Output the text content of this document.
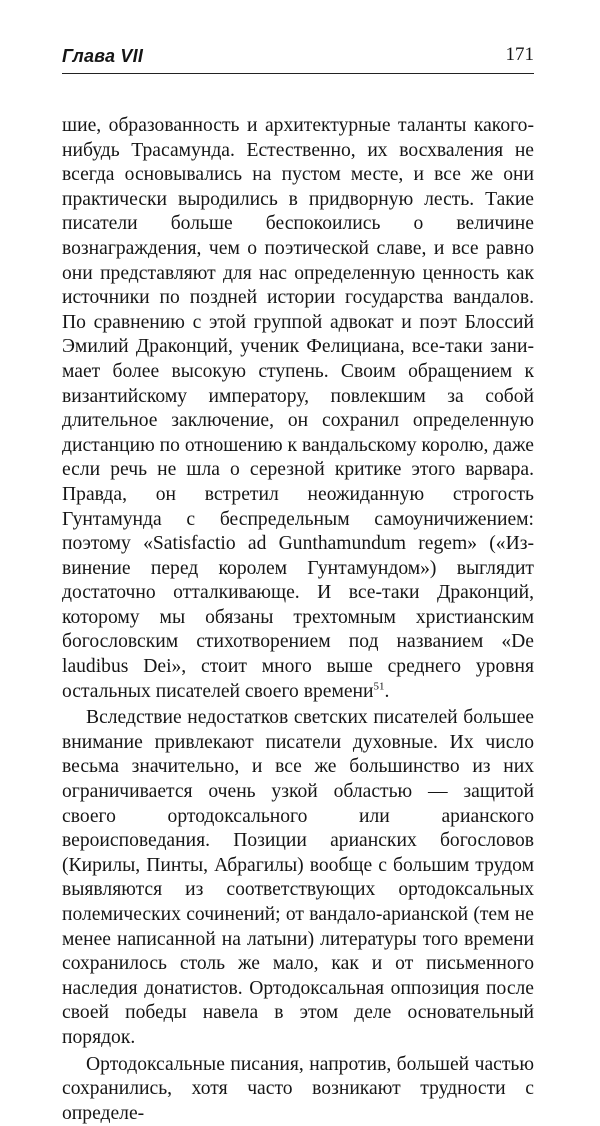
Глава VII	171

шие, образованность и архитектурные таланты какого-нибудь Трасамунда. Естественно, их восхваления не всегда основывались на пустом месте, и все же они практически выродились в придворную лесть. Такие писатели больше беспокоились о величине вознаграждения, чем о поэтической славе, и все равно они представляют для нас определенную ценность как источники по поздней истории государства вандалов. По сравнению с этой группой адвокат и поэт Блоссий Эмилий Драконций, ученик Фелициана, все-таки занимает более высокую ступень. Своим обращением к византийскому императору, повлекшим за собой длительное заключение, он сохранил определенную дистанцию по отношению к вандальскому королю, даже если речь не шла о серезной критике этого варвара. Правда, он встретил неожиданную строгость Гунтамунда с беспредельным самоуничижением: поэтому «Satisfactio ad Gunthamundum regem» («Извинение перед королем Гунтамундом») выглядит достаточно отталкивающе. И все-таки Драконций, которому мы обязаны трехтомным христианским богословским стихотворением под названием «De laudibus Dei», стоит много выше среднего уровня остальных писателей своего времени$^{51}$.

Вследствие недостатков светских писателей большее внимание привлекают писатели духовные. Их число весьма значительно, и все же большинство из них ограничивается очень узкой областью — защитой своего ортодоксального или арианского вероисповедания. Позиции арианских богословов (Кирилы, Пинты, Абрагилы) вообще с большим трудом выявляются из соответствующих ортодоксальных полемических сочинений; от вандало-арианской (тем не менее написанной на латыни) литературы того времени сохранилось столь же мало, как и от письменного наследия донатистов. Ортодоксальная оппозиция после своей победы навела в этом деле основательный порядок.

Ортодоксальные писания, напротив, большей частью сохранились, хотя часто возникают трудности с определе-
